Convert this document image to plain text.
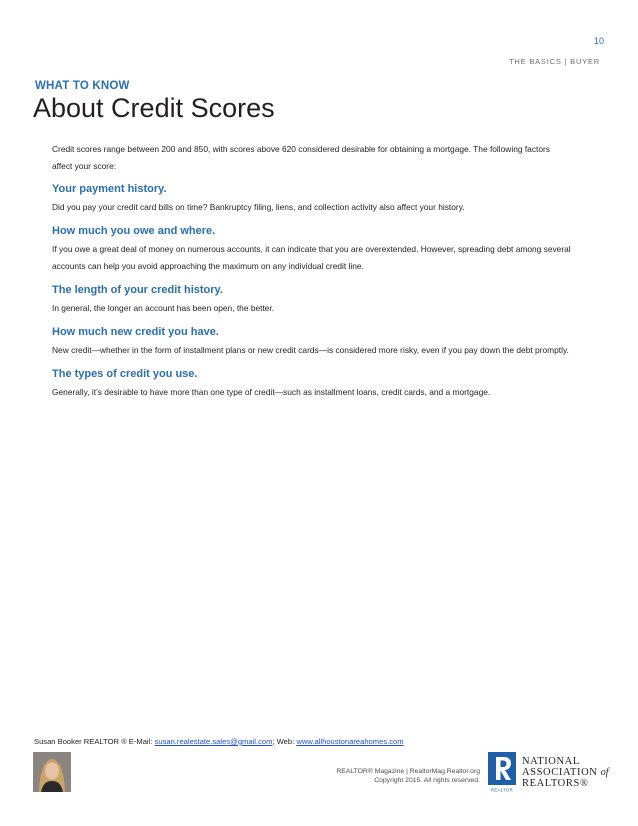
10
THE BASICS | BUYER
WHAT TO KNOW
About Credit Scores

Credit scores range between 200 and 850, with scores above 620 considered desirable for obtaining a mortgage. The following factors affect your score:

Your payment history.

Did you pay your credit card bills on time? Bankruptcy filing, liens, and collection activity also affect your history.

How much you owe and where.

If you owe a great deal of money on numerous accounts, it can indicate that you are overextended. However, spreading debt among several accounts can help you avoid approaching the maximum on any individual credit line.

The length of your credit history.

In general, the longer an account has been open, the better.

How much new credit you have.

New credit—whether in the form of installment plans or new credit cards—is considered more risky, even if you pay down the debt promptly.

The types of credit you use.

Generally, it’s desirable to have more than one type of credit—such as installment loans, credit cards, and a mortgage.

Susan Booker REALTOR ® E-Mail: susan.realestate.sales@gmail.com; Web: www.allhoustonareahomes.com
REALTOR® Magazine | RealtorMag.Realtor.org
Copyright 2015. All rights reserved.
REALTOR
NATIONAL
ASSOCIATION of
REALTORS®
